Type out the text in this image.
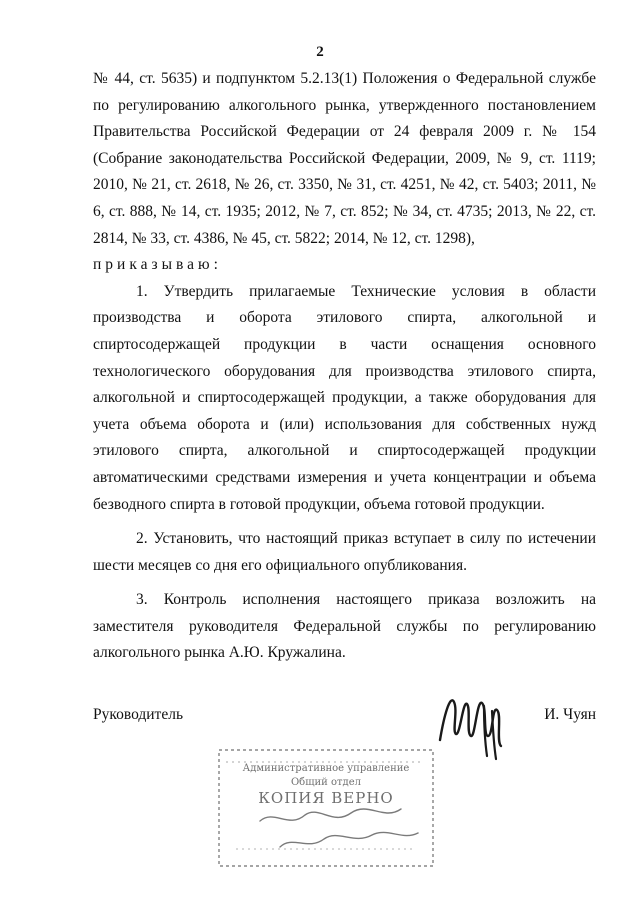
2

№ 44, ст. 5635) и подпунктом 5.2.13(1) Положения о Федеральной службе по регулированию алкогольного рынка, утвержденного постановлением Правительства Российской Федерации от 24 февраля 2009 г. № 154 (Собрание законодательства Российской Федерации, 2009, № 9, ст. 1119; 2010, № 21, ст. 2618, № 26, ст. 3350, № 31, ст. 4251, № 42, ст. 5403; 2011, № 6, ст. 888, № 14, ст. 1935; 2012, № 7, ст. 852; № 34, ст. 4735; 2013, № 22, ст. 2814, № 33, ст. 4386, № 45, ст. 5822; 2014, № 12, ст. 1298),

приказываю:

1. Утвердить прилагаемые Технические условия в области производства и оборота этилового спирта, алкогольной и спиртосодержащей продукции в части оснащения основного технологического оборудования для производства этилового спирта, алкогольной и спиртосодержащей продукции, а также оборудования для учета объема оборота и (или) использования для собственных нужд этилового спирта, алкогольной и спиртосодержащей продукции автоматическими средствами измерения и учета концентрации и объема безводного спирта в готовой продукции, объема готовой продукции.

2. Установить, что настоящий приказ вступает в силу по истечении шести месяцев со дня его официального опубликования.

3. Контроль исполнения настоящего приказа возложить на заместителя руководителя Федеральной службы по регулированию алкогольного рынка А.Ю. Кружалина.

Руководитель	И. Чуян
Административное управление
Общий отдел
КОПИЯ ВЕРНО
